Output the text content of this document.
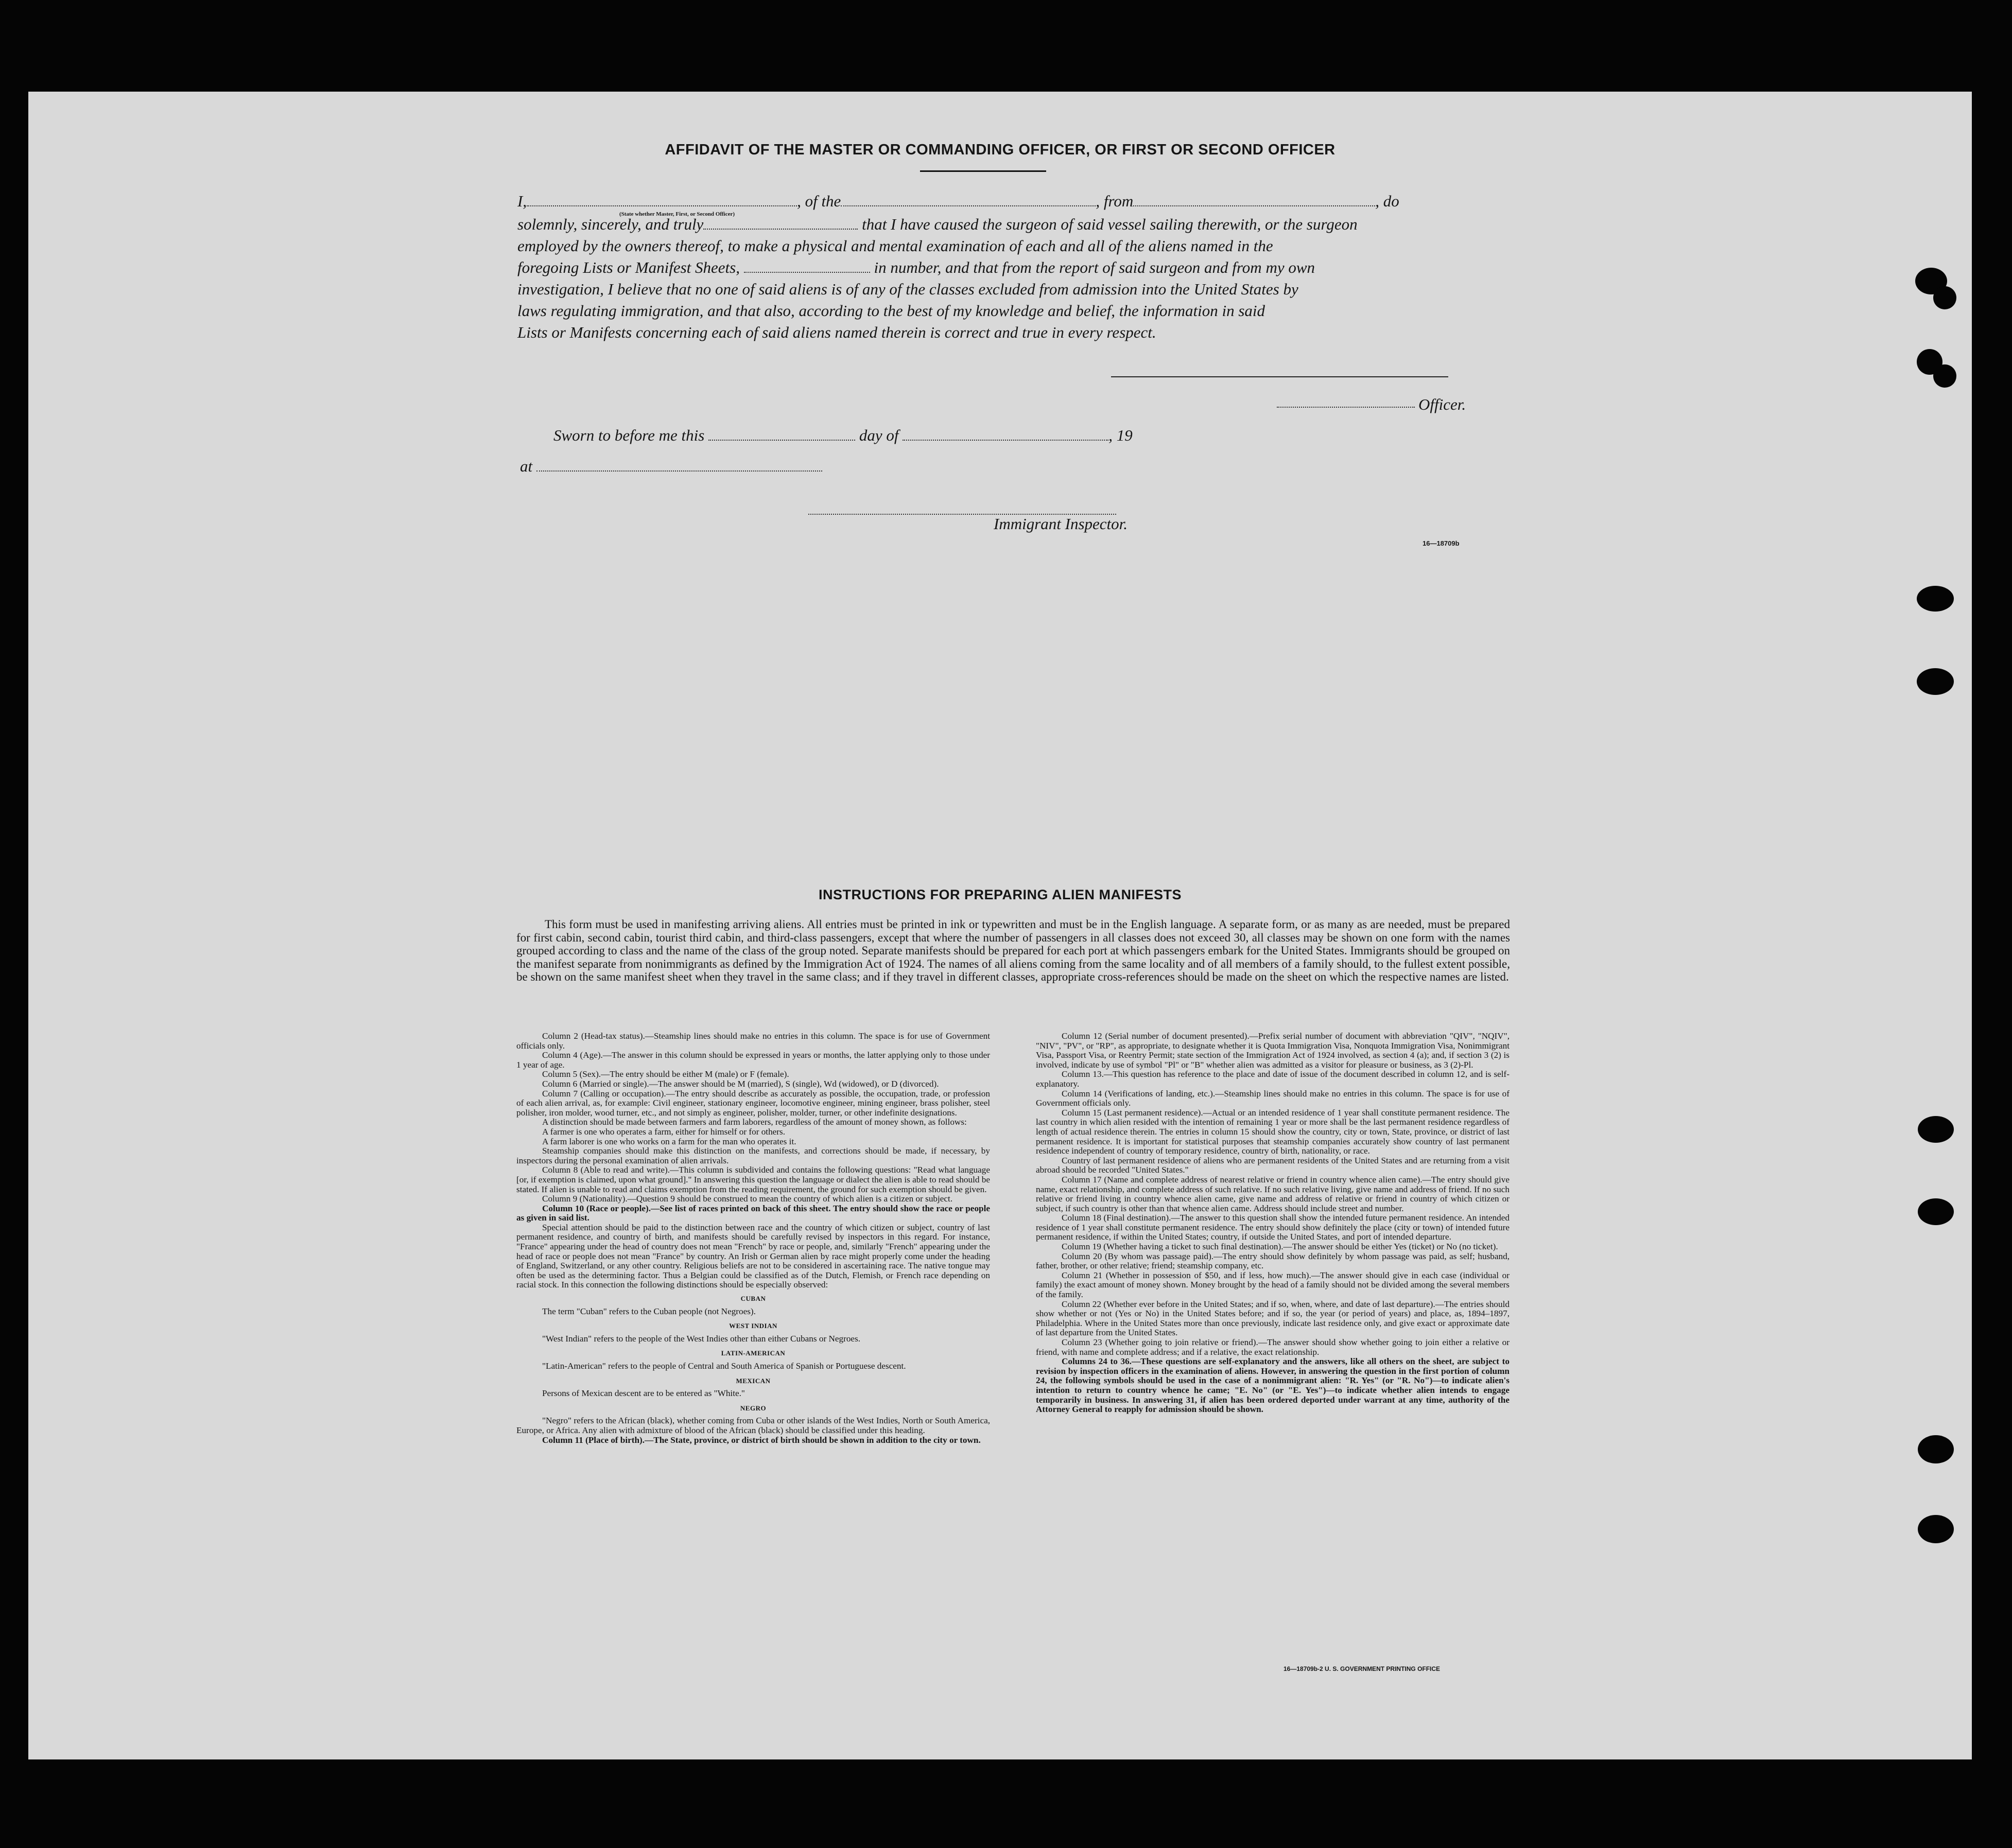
AFFIDAVIT OF THE MASTER OR COMMANDING OFFICER, OR FIRST OR SECOND OFFICER
I,	, of the	, from	, do
(State whether Master, First, or Second Officer)
solemnly, sincerely, and truly	that I have caused the surgeon of said vessel sailing therewith, or the surgeon
employed by the owners thereof, to make a physical and mental examination of each and all of the aliens named in the
foregoing Lists or Manifest Sheets,	in number, and that from the report of said surgeon and from my own
investigation, I believe that no one of said aliens is of any of the classes excluded from admission into the United States by
laws regulating immigration, and that also, according to the best of my knowledge and belief, the information in said
Lists or Manifests concerning each of said aliens named therein is correct and true in every respect.
Officer.
Sworn to before me this	day of	, 19
at
Immigrant Inspector.
16—18709b
INSTRUCTIONS FOR PREPARING ALIEN MANIFESTS

This form must be used in manifesting arriving aliens. All entries must be printed in ink or typewritten and must be in the English language. A separate form, or as many as are needed, must be prepared for first cabin, second cabin, tourist third cabin, and third-class passengers, except that where the number of passengers in all classes does not exceed 30, all classes may be shown on one form with the names grouped according to class and the name of the class of the group noted. Separate manifests should be prepared for each port at which passengers embark for the United States. Immigrants should be grouped on the manifest separate from nonimmigrants as defined by the Immigration Act of 1924. The names of all aliens coming from the same locality and of all members of a family should, to the fullest extent possible, be shown on the same manifest sheet when they travel in the same class; and if they travel in different classes, appropriate cross-references should be made on the sheet on which the respective names are listed.

Column 2 (Head-tax status).—Steamship lines should make no entries in this column. The space is for use of Government officials only.

Column 4 (Age).—The answer in this column should be expressed in years or months, the latter applying only to those under 1 year of age.

Column 5 (Sex).—The entry should be either M (male) or F (female).

Column 6 (Married or single).—The answer should be M (married), S (single), Wd (widowed), or D (divorced).

Column 7 (Calling or occupation).—The entry should describe as accurately as possible, the occupation, trade, or profession of each alien arrival, as, for example: Civil engineer, stationary engineer, locomotive engineer, mining engineer, brass polisher, steel polisher, iron molder, wood turner, etc., and not simply as engineer, polisher, molder, turner, or other indefinite designations.

A distinction should be made between farmers and farm laborers, regardless of the amount of money shown, as follows:

A farmer is one who operates a farm, either for himself or for others.

A farm laborer is one who works on a farm for the man who operates it.

Steamship companies should make this distinction on the manifests, and corrections should be made, if necessary, by inspectors during the personal examination of alien arrivals.

Column 8 (Able to read and write).—This column is subdivided and contains the following questions: "Read what language [or, if exemption is claimed, upon what ground]." In answering this question the language or dialect the alien is able to read should be stated. If alien is unable to read and claims exemption from the reading requirement, the ground for such exemption should be given.

Column 9 (Nationality).—Question 9 should be construed to mean the country of which alien is a citizen or subject.

Column 10 (Race or people).—See list of races printed on back of this sheet. The entry should show the race or people as given in said list.

Special attention should be paid to the distinction between race and the country of which citizen or subject, country of last permanent residence, and country of birth, and manifests should be carefully revised by inspectors in this regard. For instance, "France" appearing under the head of country does not mean "French" by race or people, and, similarly "French" appearing under the head of race or people does not mean "France" by country. An Irish or German alien by race might properly come under the heading of England, Switzerland, or any other country. Religious beliefs are not to be considered in ascertaining race. The native tongue may often be used as the determining factor. Thus a Belgian could be classified as of the Dutch, Flemish, or French race depending on racial stock. In this connection the following distinctions should be especially observed:

CUBAN

The term "Cuban" refers to the Cuban people (not Negroes).

WEST INDIAN

"West Indian" refers to the people of the West Indies other than either Cubans or Negroes.

LATIN-AMERICAN

"Latin-American" refers to the people of Central and South America of Spanish or Portuguese descent.

MEXICAN

Persons of Mexican descent are to be entered as "White."

NEGRO

"Negro" refers to the African (black), whether coming from Cuba or other islands of the West Indies, North or South America, Europe, or Africa. Any alien with admixture of blood of the African (black) should be classified under this heading.

Column 11 (Place of birth).—The State, province, or district of birth should be shown in addition to the city or town.

Column 12 (Serial number of document presented).—Prefix serial number of document with abbreviation "QIV", "NQIV", "NIV", "PV", or "RP", as appropriate, to designate whether it is Quota Immigration Visa, Nonquota Immigration Visa, Nonimmigrant Visa, Passport Visa, or Reentry Permit; state section of the Immigration Act of 1924 involved, as section 4 (a); and, if section 3 (2) is involved, indicate by use of symbol "Pl" or "B" whether alien was admitted as a visitor for pleasure or business, as 3 (2)-Pl.

Column 13.—This question has reference to the place and date of issue of the document described in column 12, and is self-explanatory.

Column 14 (Verifications of landing, etc.).—Steamship lines should make no entries in this column. The space is for use of Government officials only.

Column 15 (Last permanent residence).—Actual or an intended residence of 1 year shall constitute permanent residence. The last country in which alien resided with the intention of remaining 1 year or more shall be the last permanent residence regardless of length of actual residence therein. The entries in column 15 should show the country, city or town, State, province, or district of last permanent residence. It is important for statistical purposes that steamship companies accurately show country of last permanent residence independent of country of temporary residence, country of birth, nationality, or race.

Country of last permanent residence of aliens who are permanent residents of the United States and are returning from a visit abroad should be recorded "United States."

Column 17 (Name and complete address of nearest relative or friend in country whence alien came).—The entry should give name, exact relationship, and complete address of such relative. If no such relative living, give name and address of friend. If no such relative or friend living in country whence alien came, give name and address of relative or friend in country of which citizen or subject, if such country is other than that whence alien came. Address should include street and number.

Column 18 (Final destination).—The answer to this question shall show the intended future permanent residence. An intended residence of 1 year shall constitute permanent residence. The entry should show definitely the place (city or town) of intended future permanent residence, if within the United States; country, if outside the United States, and port of intended departure.

Column 19 (Whether having a ticket to such final destination).—The answer should be either Yes (ticket) or No (no ticket).

Column 20 (By whom was passage paid).—The entry should show definitely by whom passage was paid, as self; husband, father, brother, or other relative; friend; steamship company, etc.

Column 21 (Whether in possession of $50, and if less, how much).—The answer should give in each case (individual or family) the exact amount of money shown. Money brought by the head of a family should not be divided among the several members of the family.

Column 22 (Whether ever before in the United States; and if so, when, where, and date of last departure).—The entries should show whether or not (Yes or No) in the United States before; and if so, the year (or period of years) and place, as, 1894–1897, Philadelphia. Where in the United States more than once previously, indicate last residence only, and give exact or approximate date of last departure from the United States.

Column 23 (Whether going to join relative or friend).—The answer should show whether going to join either a relative or friend, with name and complete address; and if a relative, the exact relationship.

Columns 24 to 36.—These questions are self-explanatory and the answers, like all others on the sheet, are subject to revision by inspection officers in the examination of aliens. However, in answering the question in the first portion of column 24, the following symbols should be used in the case of a nonimmigrant alien: "R. Yes" (or "R. No")—to indicate alien's intention to return to country whence he came; "E. No" (or "E. Yes")—to indicate whether alien intends to engage temporarily in business. In answering 31, if alien has been ordered deported under warrant at any time, authority of the Attorney General to reapply for admission should be shown.

16—18709b-2 U. S. GOVERNMENT PRINTING OFFICE
